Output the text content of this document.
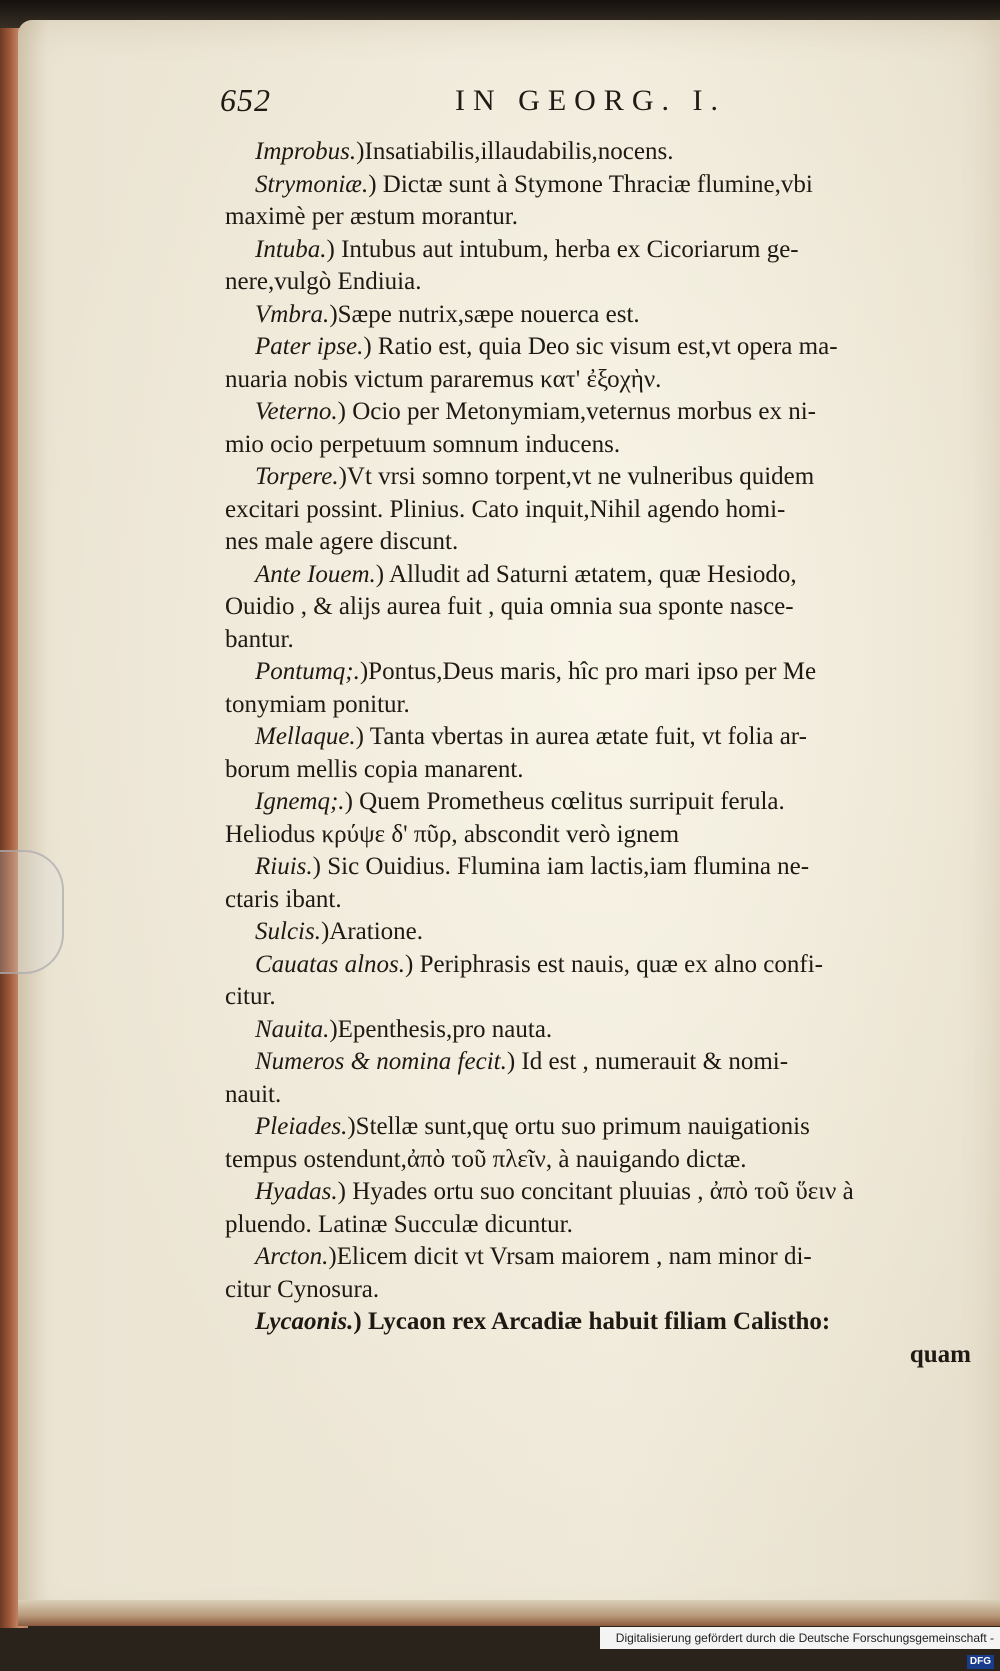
652	IN GEORG. I.
Improbus.)Insatiabilis,illaudabilis,nocens.
Strymoniæ.) Dictæ sunt à Stymone Thraciæ flumine,vbi
maximè per æstum morantur.
Intuba.) Intubus aut intubum, herba ex Cicoriarum ge-
nere,vulgò Endiuia.
Vmbra.)Sæpe nutrix,sæpe nouerca est.
Pater ipse.) Ratio est, quia Deo sic visum est,vt opera ma-
nuaria nobis victum pararemus κατ' ἐξοχὴν.
Veterno.) Ocio per Metonymiam,veternus morbus ex ni-
mio ocio perpetuum somnum inducens.
Torpere.)Vt vrsi somno torpent,vt ne vulneribus quidem
excitari possint. Plinius. Cato inquit,Nihil agendo homi-
nes male agere discunt.
Ante Iouem.) Alludit ad Saturni ætatem, quæ Hesiodo,
Ouidio , & alijs aurea fuit , quia omnia sua sponte nasce-
bantur.
Pontumq;.)Pontus,Deus maris, hîc pro mari ipso per Me
tonymiam ponitur.
Mellaque.) Tanta vbertas in aurea ætate fuit, vt folia ar-
borum mellis copia manarent.
Ignemq;.) Quem Prometheus cœlitus surripuit ferula.
Heliodus κρύψε δ' πῦρ, abscondit verò ignem
Riuis.) Sic Ouidius. Flumina iam lactis,iam flumina ne-
ctaris ibant.
Sulcis.)Aratione.
Cauatas alnos.) Periphrasis est nauis, quæ ex alno confi-
citur.
Nauita.)Epenthesis,pro nauta.
Numeros & nomina fecit.) Id est , numerauit & nomi-
nauit.
Pleiades.)Stellæ sunt,quę ortu suo primum nauigationis
tempus ostendunt,ἀπὸ τοῦ πλεῖν, à nauigando dictæ.
Hyadas.) Hyades ortu suo concitant pluuias , ἀπὸ τοῦ ὕειν à
pluendo. Latinæ Succulæ dicuntur.
Arcton.)Elicem dicit vt Vrsam maiorem , nam minor di-
citur Cynosura.
Lycaonis.) Lycaon rex Arcadiæ habuit filiam Calistho:
quam
Digitalisierung gefördert durch die Deutsche Forschungsgemeinschaft - DFG
